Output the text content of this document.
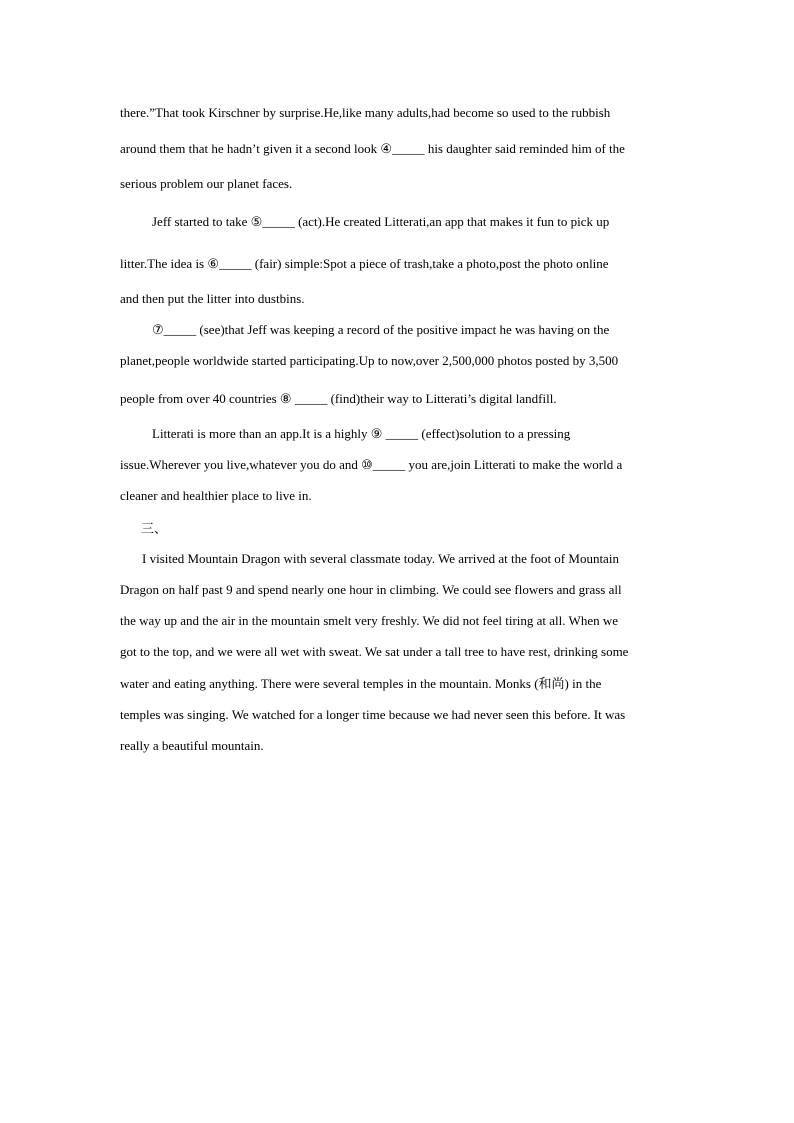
there.”That took Kirschner by surprise.He,like many adults,had become so used to the rubbish
around them that he hadn’t given it a second look ④_____ his daughter said reminded him of the
serious problem our planet faces.
Jeff started to take ⑤_____ (act).He created Litterati,an app that makes it fun to pick up
litter.The idea is ⑥_____ (fair) simple:Spot a piece of trash,take a photo,post the photo online
and then put the litter into dustbins.
⑦_____ (see)that Jeff was keeping a record of the positive impact he was having on the
planet,people worldwide started participating.Up to now,over 2,500,000 photos posted by 3,500
people from over 40 countries ⑧ _____ (find)their way to Litterati’s digital landfill.
Litterati is more than an app.It is a highly ⑨ _____ (effect)solution to a pressing
issue.Wherever you live,whatever you do and ⑩_____ you are,join Litterati to make the world a
cleaner and healthier place to live in.
三、
I visited Mountain Dragon with several classmate today. We arrived at the foot of Mountain
Dragon on half past 9 and spend nearly one hour in climbing. We could see flowers and grass all
the way up and the air in the mountain smelt very freshly. We did not feel tiring at all. When we
got to the top, and we were all wet with sweat. We sat under a tall tree to have rest, drinking some
water and eating anything. There were several temples in the mountain. Monks (和尚) in the
temples was singing. We watched for a longer time because we had never seen this before. It was
really a beautiful mountain.
